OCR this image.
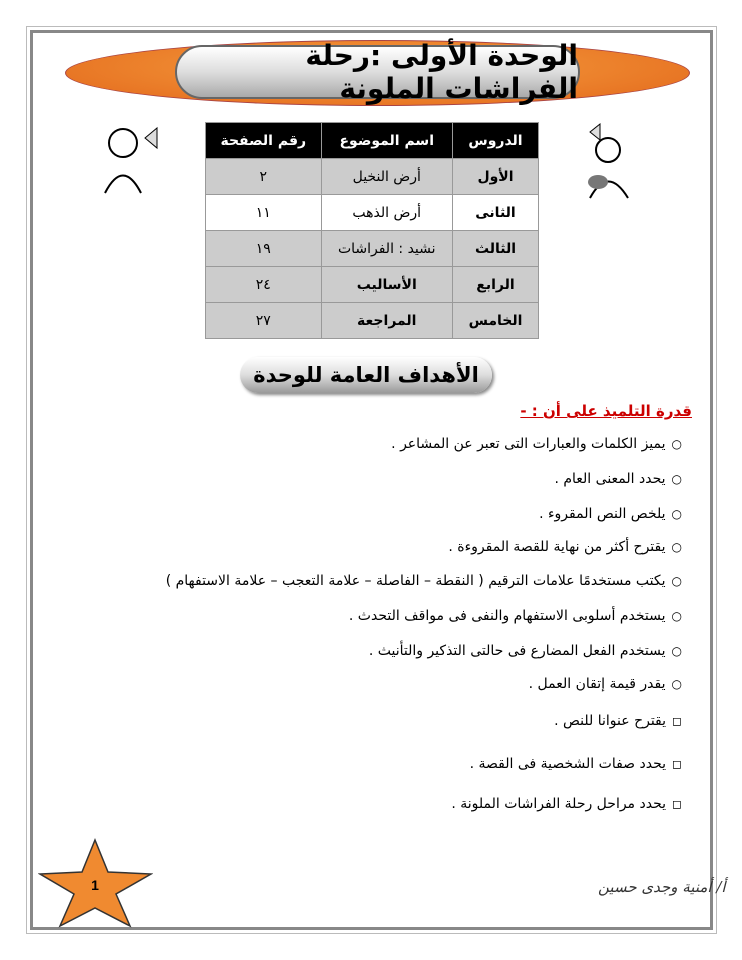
الوحدة الأولى :رحلة الفراشات الملونة
الدروس	اسم الموضوع	رقم الصفحة
الأول	أرض النخيل	٢
الثانى	أرض الذهب	١١
الثالث	نشيد : الفراشات	١٩
الرابع	الأساليب	٢٤
الخامس	المراجعة	٢٧
الأهداف العامة للوحدة
قدرة التلميذ على أن : -
○
يميز الكلمات والعبارات التى تعبر عن المشاعر .
○
يحدد المعنى العام .
○
يلخص النص المقروء .
○
يقترح أكثر من نهاية للقصة المقروءة .
○
يكتب مستخدمًا علامات الترقيم ( النقطة – الفاصلة – علامة التعجب – علامة الاستفهام )
○
يستخدم أسلوبى الاستفهام والنفى فى مواقف التحدث .
○
يستخدم الفعل المضارع فى حالتى التذكير والتأنيث .
○
يقدر قيمة إتقان العمل .
◻
يقترح عنوانا للنص .
◻
يحدد صفات الشخصية فى القصة .
◻
يحدد مراحل رحلة الفراشات الملونة .
1	أ/ أمنية وجدى حسين
